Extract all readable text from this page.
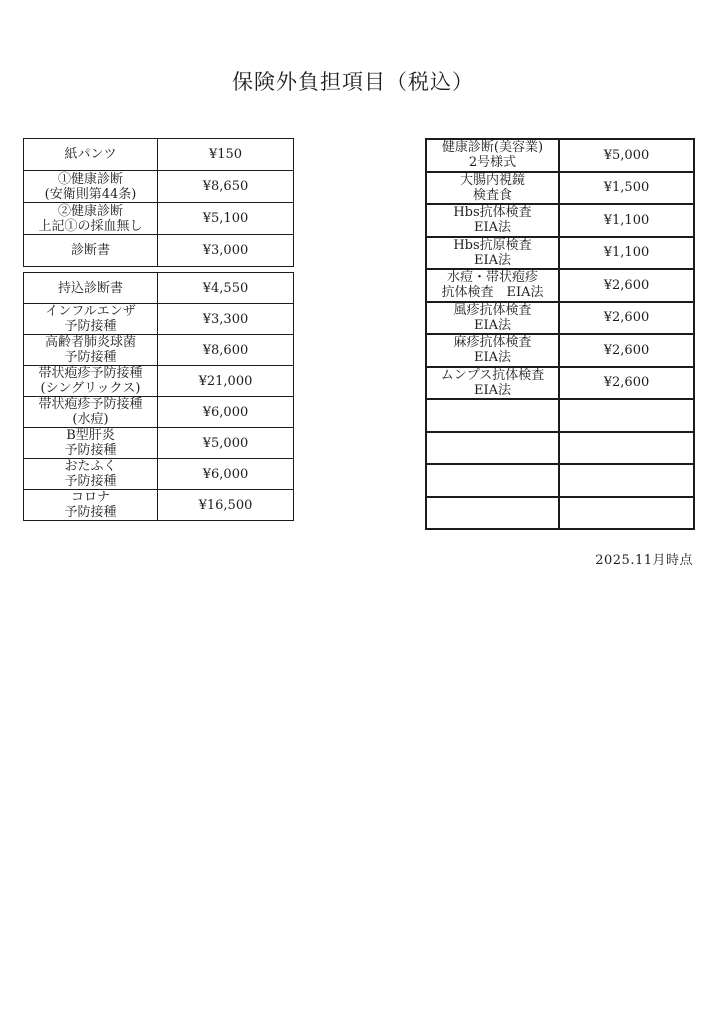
保険外負担項目（税込）
紙パンツ	¥150

①健康診断
(安衛則第44条)	¥8,650

②健康診断
上記①の採血無し	¥5,100

診断書	¥3,000
持込診断書	¥4,550

インフルエンザ
予防接種	¥3,300

高齢者肺炎球菌
予防接種	¥8,600

帯状疱疹予防接種
(シングリックス)	¥21,000

帯状疱疹予防接種
(水痘)	¥6,000

B型肝炎
予防接種	¥5,000

おたふく
予防接種	¥6,000

コロナ
予防接種	¥16,500
健康診断(美容業)
2号様式	¥5,000

大腸内視鏡
検査食	¥1,500

Hbs抗体検査
EIA法	¥1,100

Hbs抗原検査
EIA法	¥1,100

水痘・帯状疱疹
抗体検査　EIA法	¥2,600

風疹抗体検査
EIA法	¥2,600

麻疹抗体検査
EIA法	¥2,600

ムンプス抗体検査
EIA法	¥2,600

2025.11月時点
